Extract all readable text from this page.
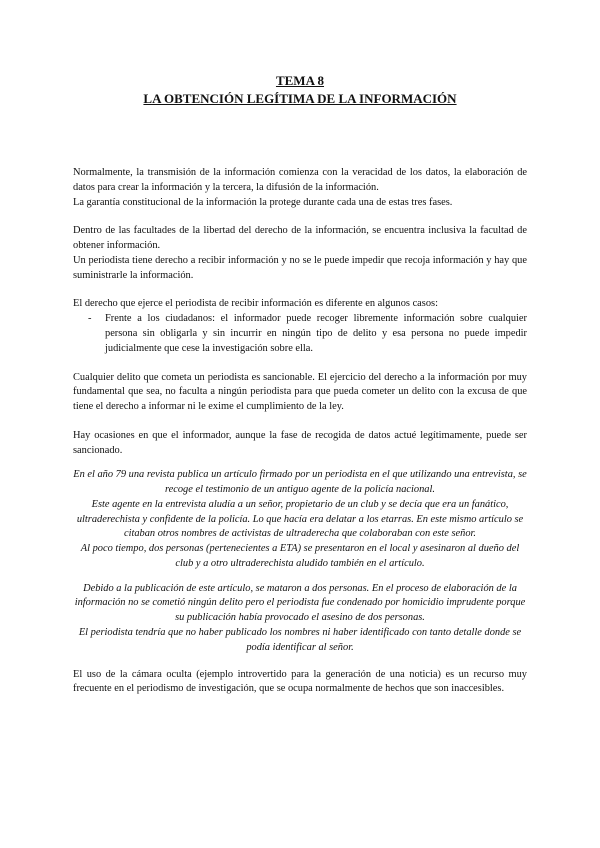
TEMA 8
LA OBTENCIÓN LEGÍTIMA DE LA INFORMACIÓN

Normalmente, la transmisión de la información comienza con la veracidad de los datos, la elaboración de datos para crear la información y la tercera, la difusión de la información.

La garantía constitucional de la información la protege durante cada una de estas tres fases.

Dentro de las facultades de la libertad del derecho de la información, se encuentra inclusiva la facultad de obtener información.

Un periodista tiene derecho a recibir información y no se le puede impedir que recoja información y hay que suministrarle la información.

El derecho que ejerce el periodista de recibir información es diferente en algunos casos:

- Frente a los ciudadanos: el informador puede recoger libremente información sobre cualquier persona sin obligarla y sin incurrir en ningún tipo de delito y esa persona no puede impedir judicialmente que cese la investigación sobre ella.

Cualquier delito que cometa un periodista es sancionable. El ejercicio del derecho a la información por muy fundamental que sea, no faculta a ningún periodista para que pueda cometer un delito con la excusa de que tiene el derecho a informar ni le exime el cumplimiento de la ley.

Hay ocasiones en que el informador, aunque la fase de recogida de datos actué legítimamente, puede ser sancionado.

En el año 79 una revista publica un artículo firmado por un periodista en el que utilizando una entrevista, se recoge el testimonio de un antiguo agente de la policía nacional.

Este agente en la entrevista aludía a un señor, propietario de un club y se decía que era un fanático, ultraderechista y confidente de la policía. Lo que hacía era delatar a los etarras. En este mismo artículo se citaban otros nombres de activistas de ultraderecha que colaboraban con este señor.

Al poco tiempo, dos personas (pertenecientes a ETA) se presentaron en el local y asesinaron al dueño del club y a otro ultraderechista aludido también en el artículo.

Debido a la publicación de este artículo, se mataron a dos personas. En el proceso de elaboración de la información no se cometió ningún delito pero el periodista fue condenado por homicidio imprudente porque su publicación había provocado el asesino de dos personas.

El periodista tendría que no haber publicado los nombres ni haber identificado con tanto detalle donde se podía identificar al señor.

El uso de la cámara oculta (ejemplo introvertido para la generación de una noticia) es un recurso muy frecuente en el periodismo de investigación, que se ocupa normalmente de hechos que son inaccesibles.
